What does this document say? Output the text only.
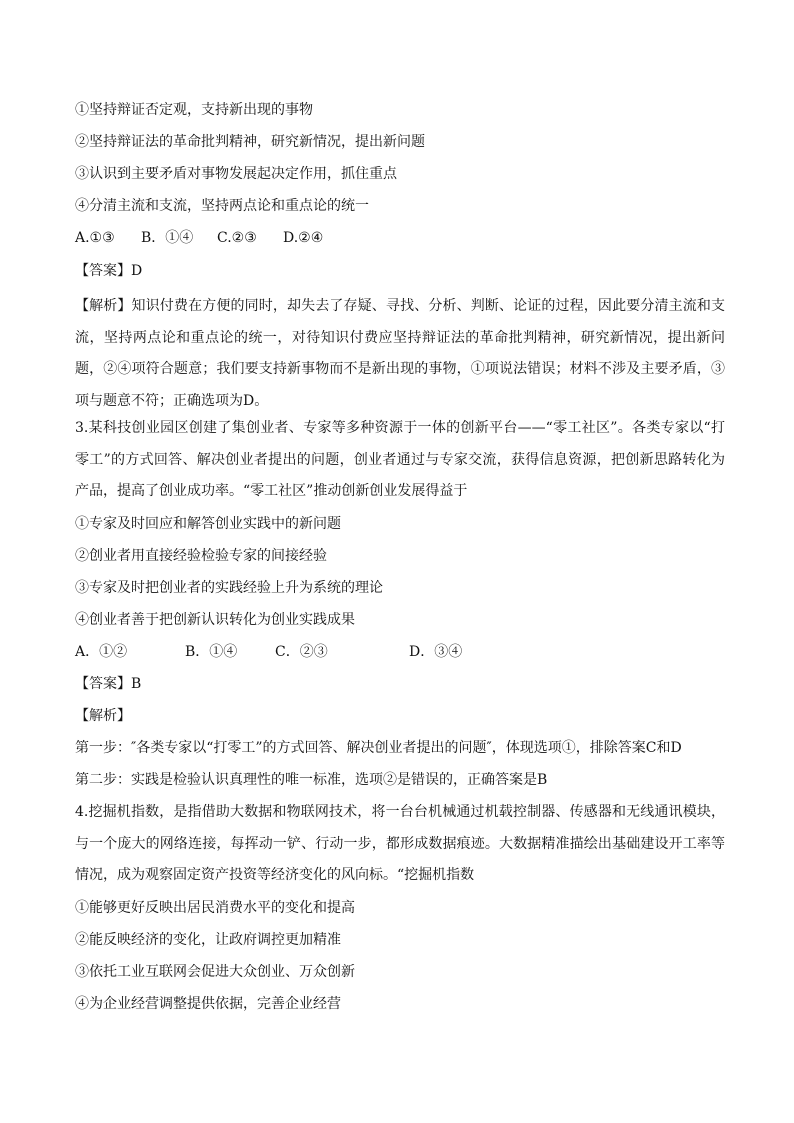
①坚持辩证否定观，支持新出现的事物
②坚持辩证法的革命批判精神，研究新情况，提出新问题
③认识到主要矛盾对事物发展起决定作用，抓住重点
④分清主流和支流，坚持两点论和重点论的统一
A.①③ B．①④ C.②③ D.②④
【答案】D
【解析】知识付费在方便的同时，却失去了存疑、寻找、分析、判断、论证的过程，因此要分清主流和支流，坚持两点论和重点论的统一，对待知识付费应坚持辩证法的革命批判精神，研究新情况，提出新问题，②④项符合题意；我们要支持新事物而不是新出现的事物，①项说法错误；材料不涉及主要矛盾，③项与题意不符；正确选项为D。
3.某科技创业园区创建了集创业者、专家等多种资源于一体的创新平台——“零工社区”。各类专家以“打零工”的方式回答、解决创业者提出的问题，创业者通过与专家交流，获得信息资源，把创新思路转化为产品，提高了创业成功率。“零工社区”推动创新创业发展得益于
①专家及时回应和解答创业实践中的新问题
②创业者用直接经验检验专家的间接经验
③专家及时把创业者的实践经验上升为系统的理论
④创业者善于把创新认识转化为创业实践成果
A．①②	B．①④	C．②③	D．③④
【答案】B
【解析】
第一步：″各类专家以“打零工”的方式回答、解决创业者提出的问题″，体现选项①，排除答案C和D
第二步：实践是检验认识真理性的唯一标准，选项②是错误的，正确答案是B
4.挖掘机指数，是指借助大数据和物联网技术，将一台台机械通过机载控制器、传感器和无线通讯模块，与一个庞大的网络连接，每挥动一铲、行动一步，都形成数据痕迹。大数据精准描绘出基础建设开工率等情况，成为观察固定资产投资等经济变化的风向标。“挖掘机指数
①能够更好反映出居民消费水平的变化和提高
②能反映经济的变化，让政府调控更加精准
③依托工业互联网会促进大众创业、万众创新
④为企业经营调整提供依据，完善企业经营
